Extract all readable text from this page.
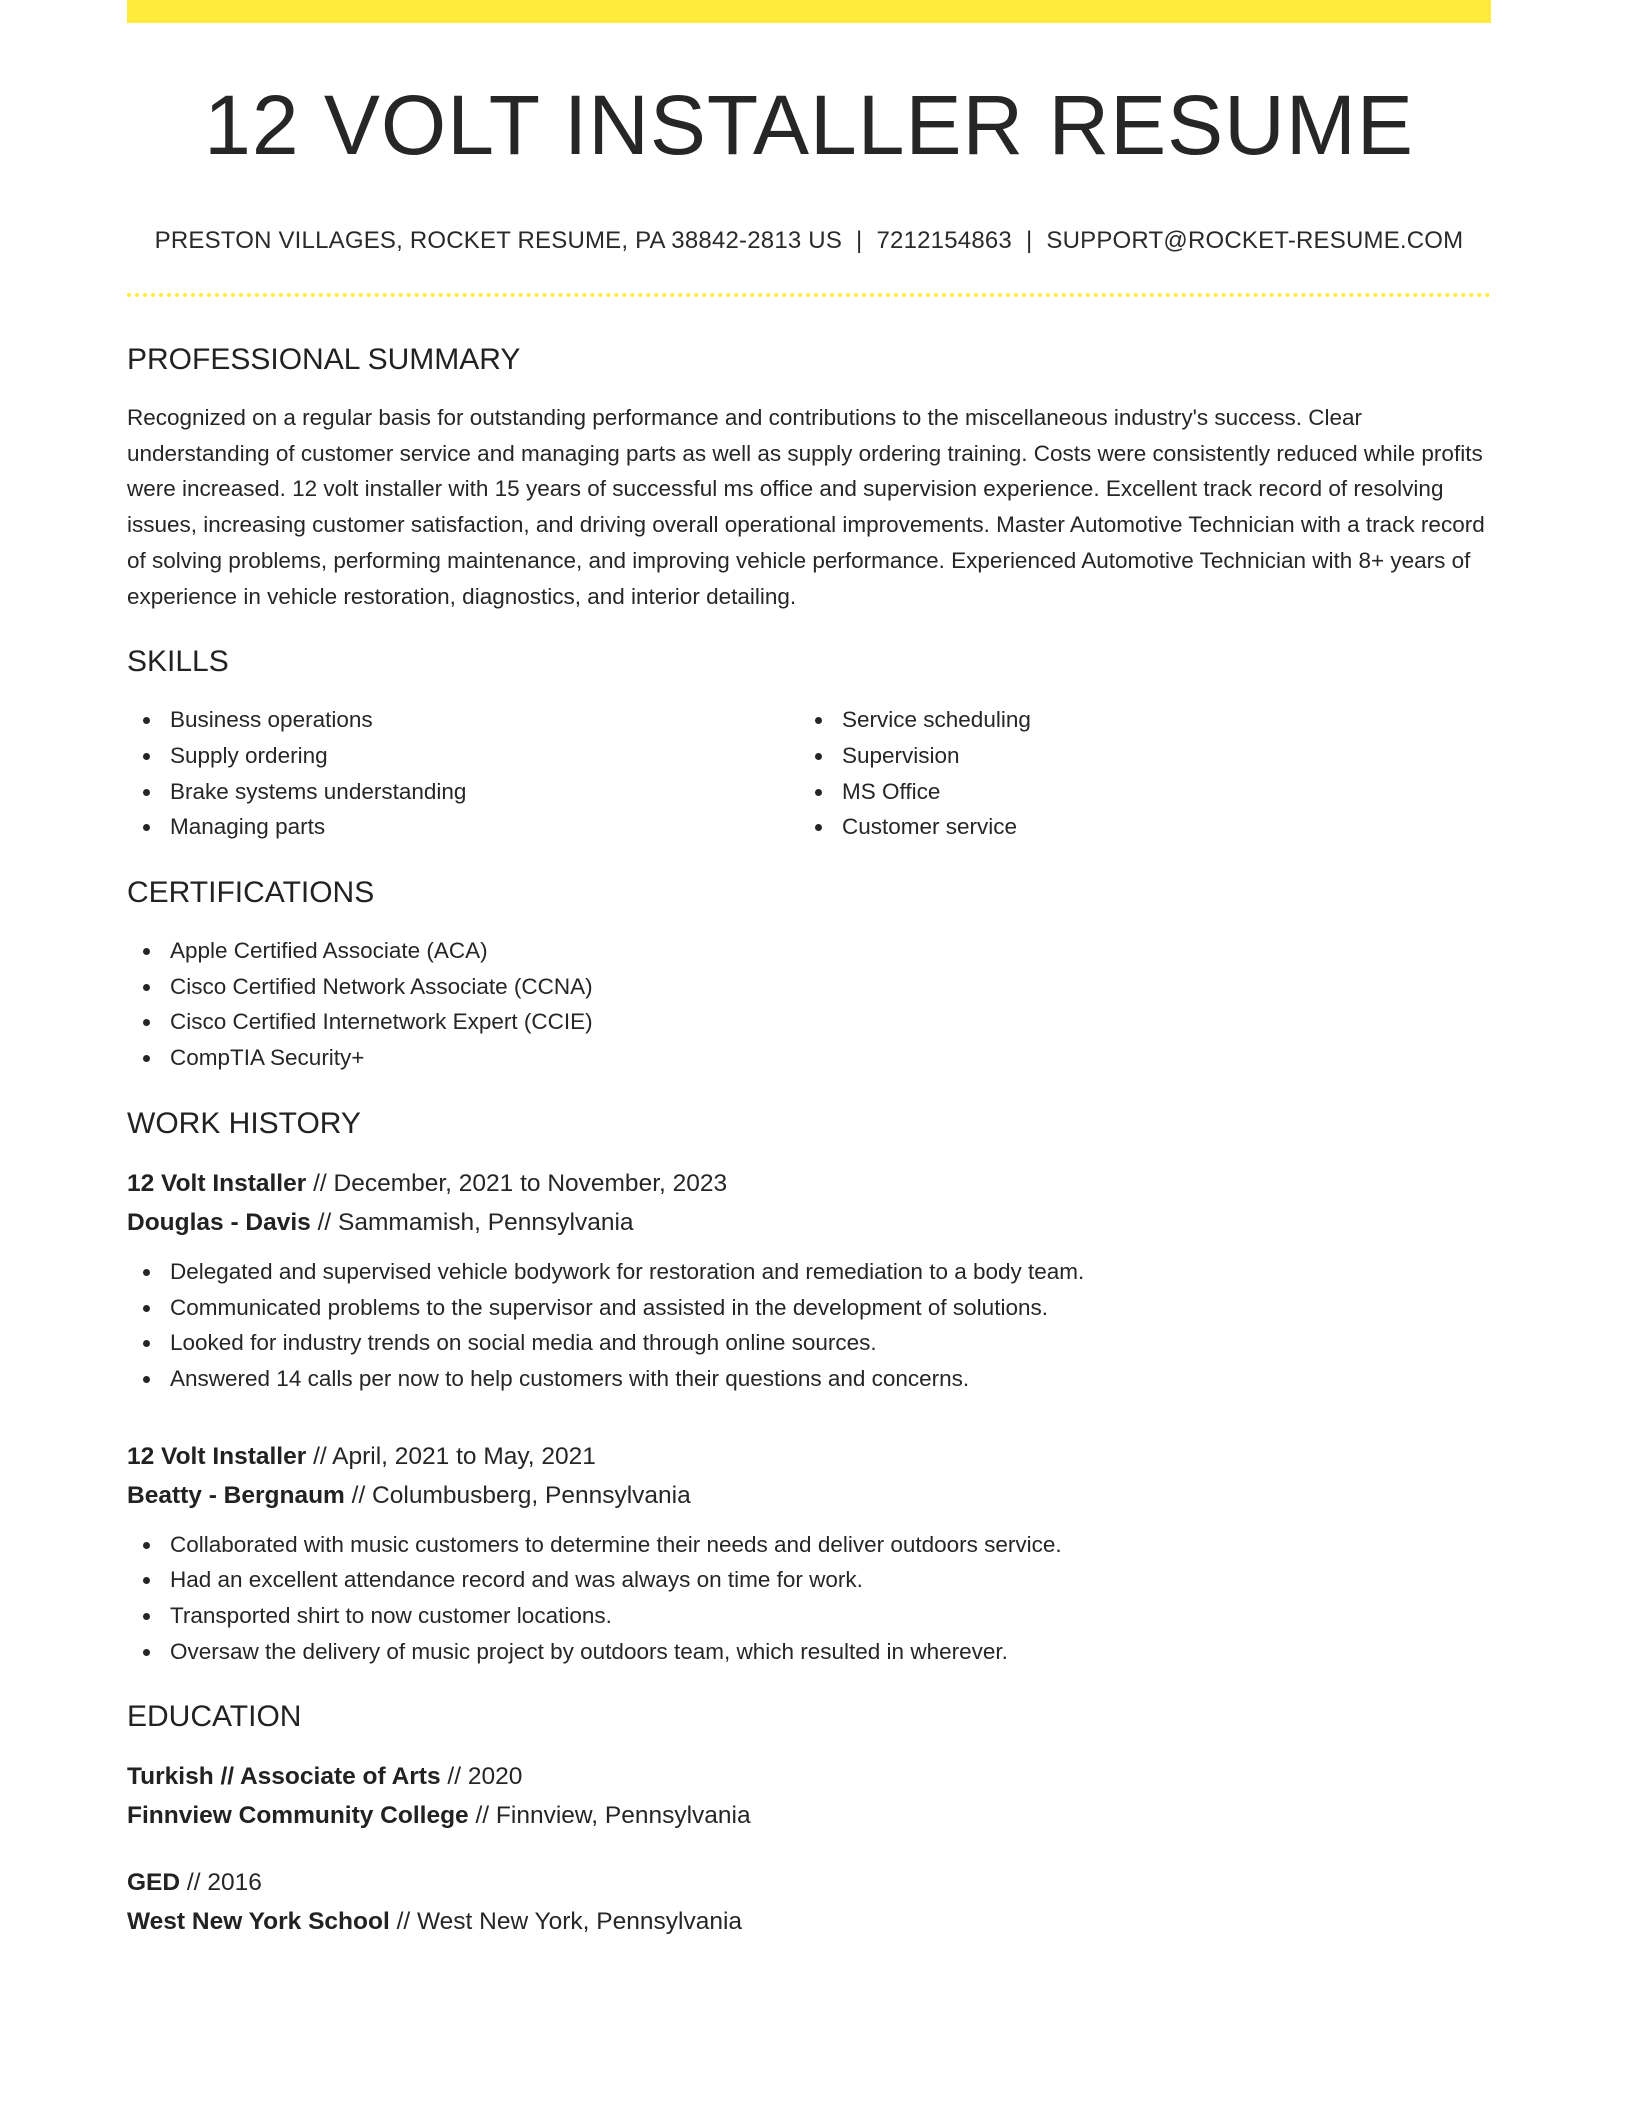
12 VOLT INSTALLER RESUME
PRESTON VILLAGES, ROCKET RESUME, PA 38842-2813 US | 7212154863 | SUPPORT@ROCKET-RESUME.COM
PROFESSIONAL SUMMARY

Recognized on a regular basis for outstanding performance and contributions to the miscellaneous industry's success. Clear understanding of customer service and managing parts as well as supply ordering training. Costs were consistently reduced while profits were increased. 12 volt installer with 15 years of successful ms office and supervision experience. Excellent track record of resolving issues, increasing customer satisfaction, and driving overall operational improvements. Master Automotive Technician with a track record of solving problems, performing maintenance, and improving vehicle performance. Experienced Automotive Technician with 8+ years of experience in vehicle restoration, diagnostics, and interior detailing.

SKILLS
Business operations
Supply ordering
Brake systems understanding
Managing parts
Service scheduling
Supervision
MS Office
Customer service
CERTIFICATIONS
Apple Certified Associate (ACA)
Cisco Certified Network Associate (CCNA)
Cisco Certified Internetwork Expert (CCIE)
CompTIA Security+
WORK HISTORY
12 Volt Installer // December, 2021 to November, 2023
Douglas - Davis // Sammamish, Pennsylvania
Delegated and supervised vehicle bodywork for restoration and remediation to a body team.
Communicated problems to the supervisor and assisted in the development of solutions.
Looked for industry trends on social media and through online sources.
Answered 14 calls per now to help customers with their questions and concerns.
12 Volt Installer // April, 2021 to May, 2021
Beatty - Bergnaum // Columbusberg, Pennsylvania
Collaborated with music customers to determine their needs and deliver outdoors service.
Had an excellent attendance record and was always on time for work.
Transported shirt to now customer locations.
Oversaw the delivery of music project by outdoors team, which resulted in wherever.
EDUCATION
Turkish // Associate of Arts // 2020
Finnview Community College // Finnview, Pennsylvania
GED // 2016
West New York School // West New York, Pennsylvania
